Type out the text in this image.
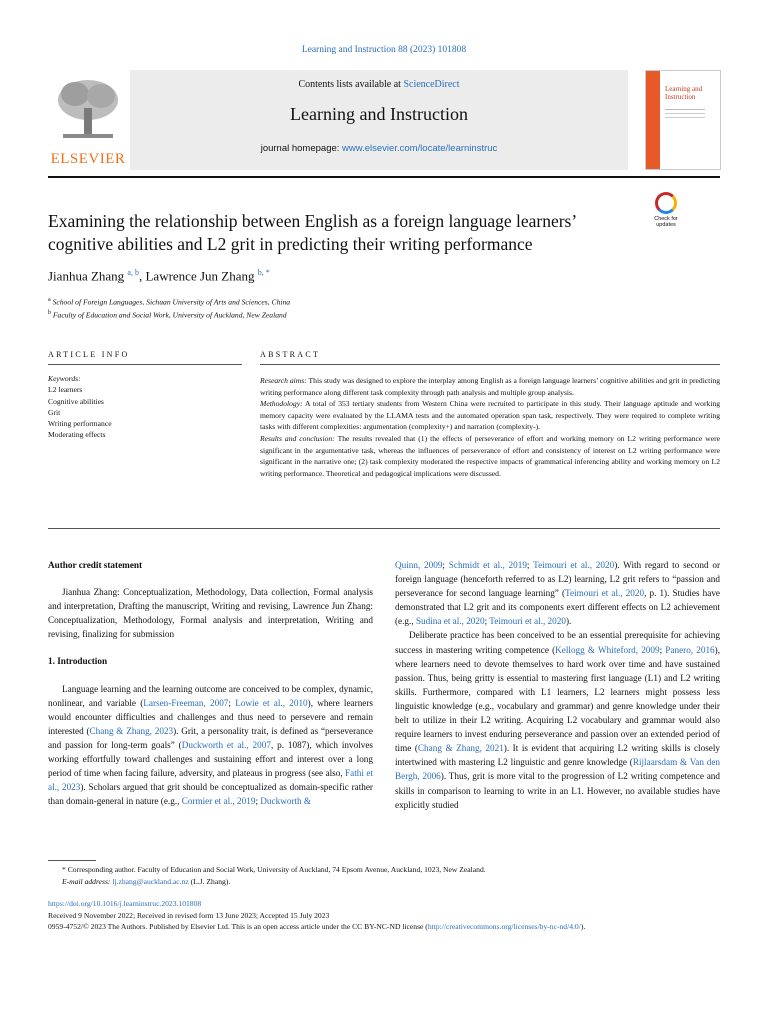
Learning and Instruction 88 (2023) 101808
ELSEVIER
Contents lists available at ScienceDirect
Learning and Instruction
journal homepage: www.elsevier.com/locate/learninstruc
Learning and Instruction
Check for updates
Examining the relationship between English as a foreign language learners’ cognitive abilities and L2 grit in predicting their writing performance
Jianhua Zhang $^{a, b}$, Lawrence Jun Zhang $^{b, *}$
$^a$ School of Foreign Languages, Sichuan University of Arts and Sciences, China
$^b$ Faculty of Education and Social Work, University of Auckland, New Zealand
ARTICLE INFO	ABSTRACT
Keywords:
L2 learners
Cognitive abilities
Grit
Writing performance
Moderating effects
Research aims: This study was designed to explore the interplay among English as a foreign language learners’ cognitive abilities and grit in predicting writing performance along different task complexity through path analysis and multiple group analysis.
Methodology: A total of 353 tertiary students from Western China were recruited to participate in this study. Their language aptitude and working memory capacity were evaluated by the LLAMA tests and the automated operation span task, respectively. They were required to complete writing tasks with different complexities: argumentation (complexity+) and narration (complexity-).
Results and conclusion: The results revealed that (1) the effects of perseverance of effort and working memory on L2 writing performance were significant in the argumentative task, whereas the influences of perseverance of effort and consistency of interest on L2 writing performance were significant in the narrative one; (2) task complexity moderated the respective impacts of grammatical inferencing ability and working memory on L2 writing performance. Theoretical and pedagogical implications were discussed.
Author credit statement

Jianhua Zhang: Conceptualization, Methodology, Data collection, Formal analysis and interpretation, Drafting the manuscript, Writing and revising, Lawrence Jun Zhang: Conceptualization, Methodology, Formal analysis and interpretation, Writing and revising, finalizing for submission

1. Introduction

Language learning and the learning outcome are conceived to be complex, dynamic, nonlinear, and variable (Larsen-Freeman, 2007; Lowie et al., 2010), where learners would encounter difficulties and challenges and thus need to persevere and remain interested (Chang & Zhang, 2023). Grit, a personality trait, is defined as “perseverance and passion for long-term goals” (Duckworth et al., 2007, p. 1087), which involves working effortfully toward challenges and sustaining effort and interest over a long period of time when facing failure, adversity, and plateaus in progress (see also, Fathi et al., 2023). Scholars argued that grit should be conceptualized as domain-specific rather than domain-general in nature (e.g., Cormier et al., 2019; Duckworth &

Quinn, 2009; Schmidt et al., 2019; Teimouri et al., 2020). With regard to second or foreign language (henceforth referred to as L2) learning, L2 grit refers to “passion and perseverance for second language learning” (Teimouri et al., 2020, p. 1). Studies have demonstrated that L2 grit and its components exert different effects on L2 achievement (e.g., Sudina et al., 2020; Teimouri et al., 2020).

Deliberate practice has been conceived to be an essential prerequisite for achieving success in mastering writing competence (Kellogg & Whiteford, 2009; Panero, 2016), where learners need to devote themselves to hard work over time and have sustained passion. Thus, being gritty is essential to mastering first language (L1) and L2 writing skills. Furthermore, compared with L1 learners, L2 learners might possess less linguistic knowledge (e.g., vocabulary and grammar) and genre knowledge under their belt to utilize in their L2 writing. Acquiring L2 vocabulary and grammar would also require learners to invest enduring perseverance and passion over an extended period of time (Chang & Zhang, 2021). It is evident that acquiring L2 writing skills is closely intertwined with mastering L2 linguistic and genre knowledge (Rijlaarsdam & Van den Bergh, 2006). Thus, grit is more vital to the progression of L2 writing competence and skills in comparison to learning to write in an L1. However, no available studies have explicitly studied

* Corresponding author. Faculty of Education and Social Work, University of Auckland, 74 Epsom Avenue, Auckland, 1023, New Zealand.
E-mail address: lj.zhang@auckland.ac.nz (L.J. Zhang).
https://doi.org/10.1016/j.learninstruc.2023.101808
Received 9 November 2022; Received in revised form 13 June 2023; Accepted 15 July 2023
0959-4752/© 2023 The Authors. Published by Elsevier Ltd. This is an open access article under the CC BY-NC-ND license (http://creativecommons.org/licenses/by-nc-nd/4.0/).
